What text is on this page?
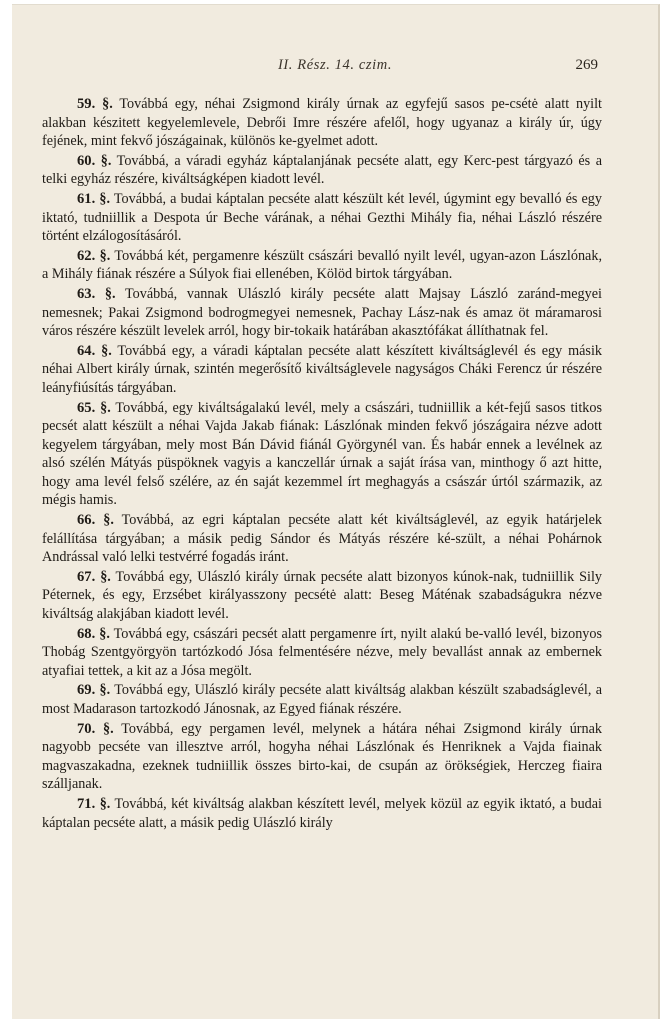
II. Rész. 14. czim.	269

59. §. Továbbá egy, néhai Zsigmond király úrnak az egyfejű sasos pe-csétė alatt nyilt alakban készitett kegyelemlevele, Debrői Imre részére afelől, hogy ugyanaz a király úr, úgy fejének, mint fekvő jószágainak, különös ke-gyelmet adott.

60. §. Továbbá, a váradi egyház káptalanjának pecséte alatt, egy Kerc-pest tárgyazó és a telki egyház részére, kiváltságképen kiadott levél.

61. §. Továbbá, a budai káptalan pecséte alatt készült két levél, úgymint egy bevalló és egy iktató, tudniillik a Despota úr Beche várának, a néhai Gezthi Mihály fia, néhai László részére történt elzálogosításáról.

62. §. Továbbá két, pergamenre készült császári bevalló nyilt levél, ugyan-azon Lászlónak, a Mihály fiának részére a Súlyok fiai ellenében, Kölöd birtok tárgyában.

63. §. Továbbá, vannak Ulászló király pecséte alatt Majsay László zaránd-megyei nemesnek; Pakai Zsigmond bodrogmegyei nemesnek, Pachay Lász-nak és amaz öt máramarosi város részére készült levelek arról, hogy bir-tokaik határában akasztófákat állíthatnak fel.

64. §. Továbbá egy, a váradi káptalan pecséte alatt készített kiváltságlevél és egy másik néhai Albert király úrnak, szintén megerősítő kiváltságlevele nagyságos Cháki Ferencz úr részére leányfiúsítás tárgyában.

65. §. Továbbá, egy kiváltságalakú levél, mely a császári, tudniillik a két-fejű sasos titkos pecsét alatt készült a néhai Vajda Jakab fiának: Lászlónak minden fekvő jószágaira nézve adott kegyelem tárgyában, mely most Bán Dávid fiánál Györgynél van. És habár ennek a levélnek az alsó szélén Mátyás püspöknek vagyis a kanczellár úrnak a saját írása van, minthogy ő azt hitte, hogy ama levél felső szélére, az én saját kezemmel írt meghagyás a császár úrtól származik, az mégis hamis.

66. §. Továbbá, az egri káptalan pecséte alatt két kiváltságlevél, az egyik határjelek felállítása tárgyában; a másik pedig Sándor és Mátyás részére ké-szült, a néhai Pohárnok Andrással való lelki testvérré fogadás iránt.

67. §. Továbbá egy, Ulászló király úrnak pecséte alatt bizonyos kúnok-nak, tudniillik Sily Péternek, és egy, Erzsébet királyasszony pecsétė alatt: Beseg Máténak szabadságukra nézve kiváltság alakjában kiadott levél.

68. §. Továbbá egy, császári pecsét alatt pergamenre írt, nyilt alakú be-valló levél, bizonyos Thobág Szentgyörgyön tartózkodó Jósa felmentésére nézve, mely bevallást annak az embernek atyafiai tettek, a kit az a Jósa megölt.

69. §. Továbbá egy, Ulászló király pecséte alatt kiváltság alakban készült szabadságlevél, a most Madarason tartozkodó Jánosnak, az Egyed fiának részére.

70. §. Továbbá, egy pergamen levél, melynek a hátára néhai Zsigmond király úrnak nagyobb pecséte van illesztve arról, hogyha néhai Lászlónak és Henriknek a Vajda fiainak magvaszakadna, ezeknek tudniillik összes birto-kai, de csupán az örökségiek, Herczeg fiaira szálljanak.

71. §. Továbbá, két kiváltság alakban készített levél, melyek közül az egyik iktató, a budai káptalan pecséte alatt, a másik pedig Ulászló király
